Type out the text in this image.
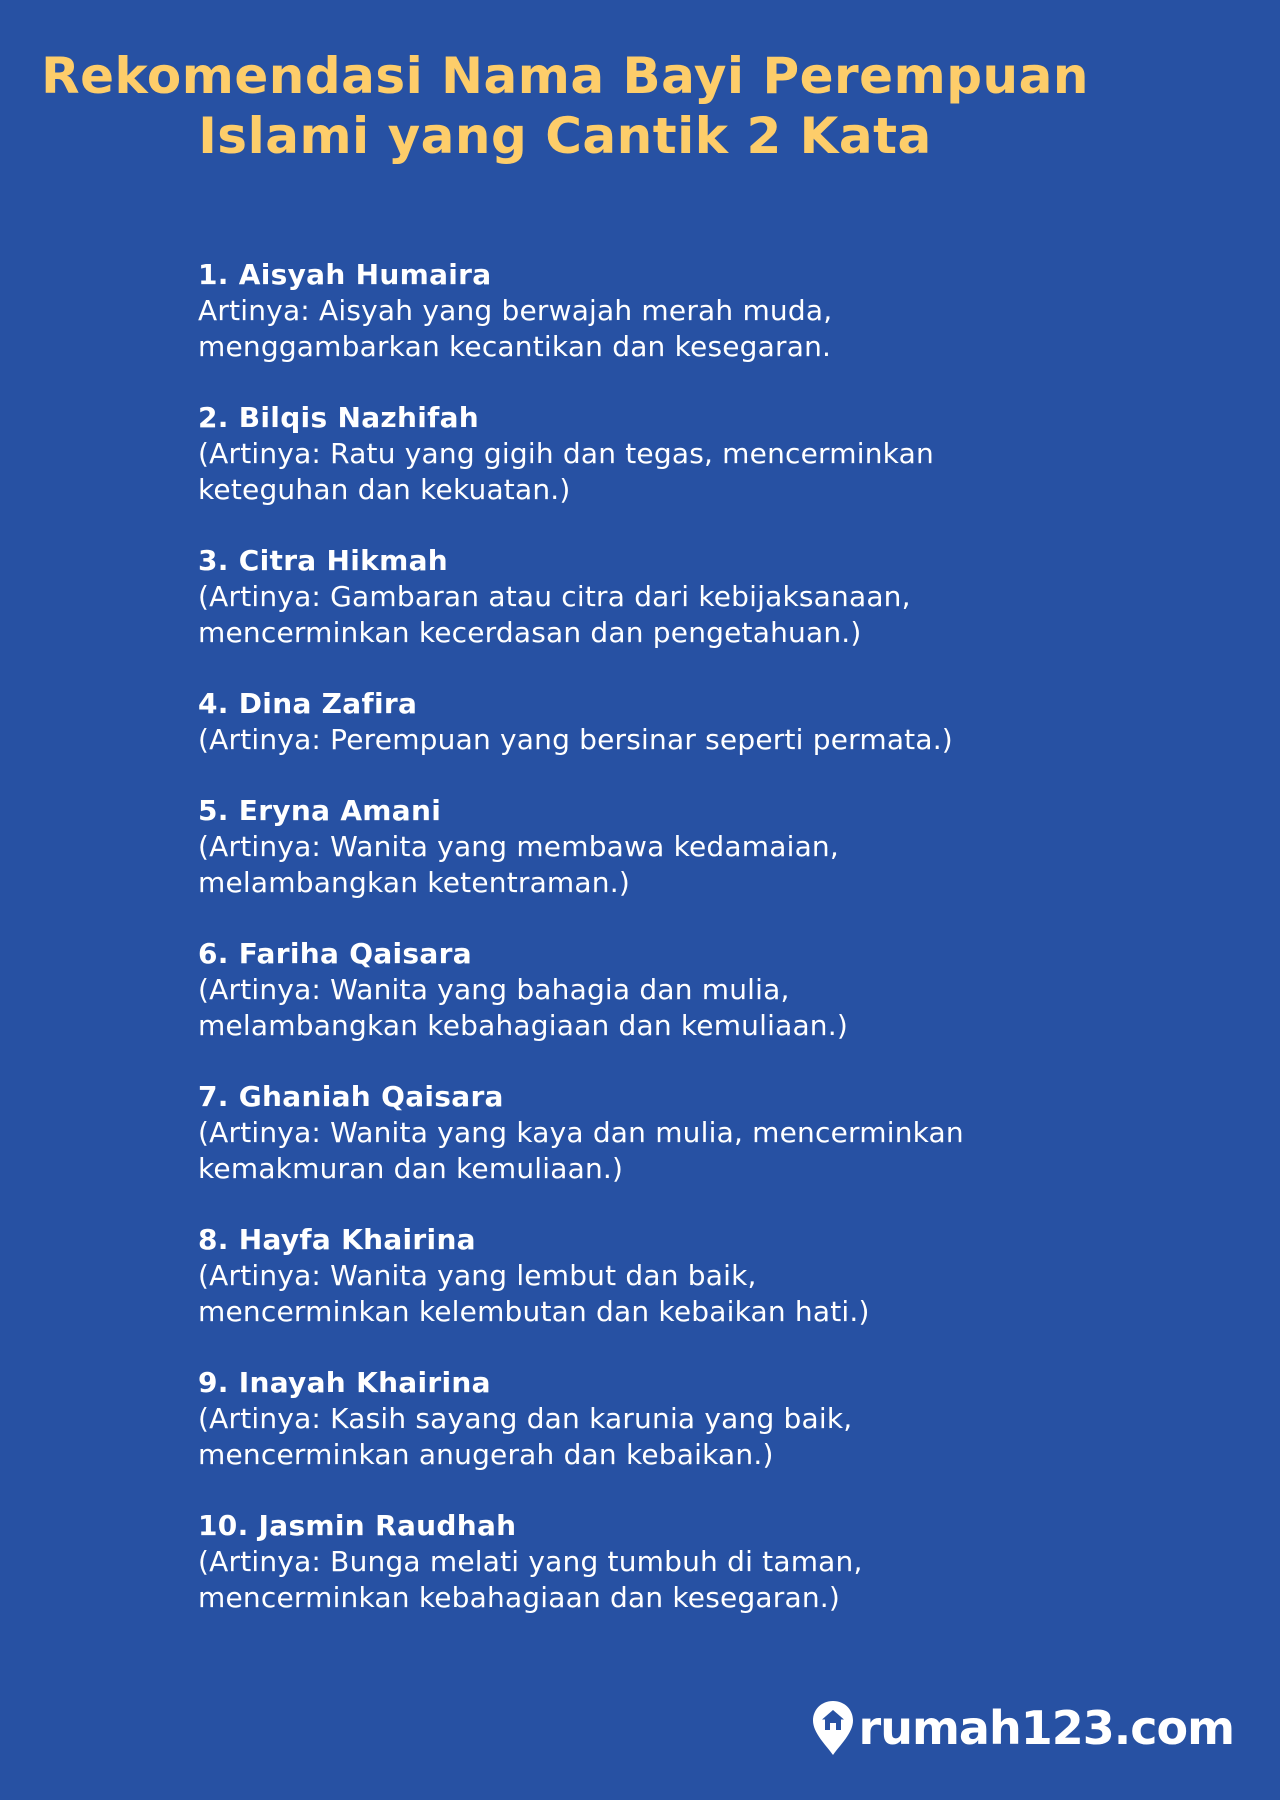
Rekomendasi Nama Bayi Perempuan
Islami yang Cantik 2 Kata
1. Aisyah Humaira
Artinya: Aisyah yang berwajah merah muda,
menggambarkan kecantikan dan kesegaran.
2. Bilqis Nazhifah
(Artinya: Ratu yang gigih dan tegas, mencerminkan
keteguhan dan kekuatan.)
3. Citra Hikmah
(Artinya: Gambaran atau citra dari kebijaksanaan,
mencerminkan kecerdasan dan pengetahuan.)
4. Dina Zafira
(Artinya: Perempuan yang bersinar seperti permata.)
5. Eryna Amani
(Artinya: Wanita yang membawa kedamaian,
melambangkan ketentraman.)
6. Fariha Qaisara
(Artinya: Wanita yang bahagia dan mulia,
melambangkan kebahagiaan dan kemuliaan.)
7. Ghaniah Qaisara
(Artinya: Wanita yang kaya dan mulia, mencerminkan
kemakmuran dan kemuliaan.)
8. Hayfa Khairina
(Artinya: Wanita yang lembut dan baik,
mencerminkan kelembutan dan kebaikan hati.)
9. Inayah Khairina
(Artinya: Kasih sayang dan karunia yang baik,
mencerminkan anugerah dan kebaikan.)
10. Jasmin Raudhah
(Artinya: Bunga melati yang tumbuh di taman,
mencerminkan kebahagiaan dan kesegaran.)
rumah123.com
